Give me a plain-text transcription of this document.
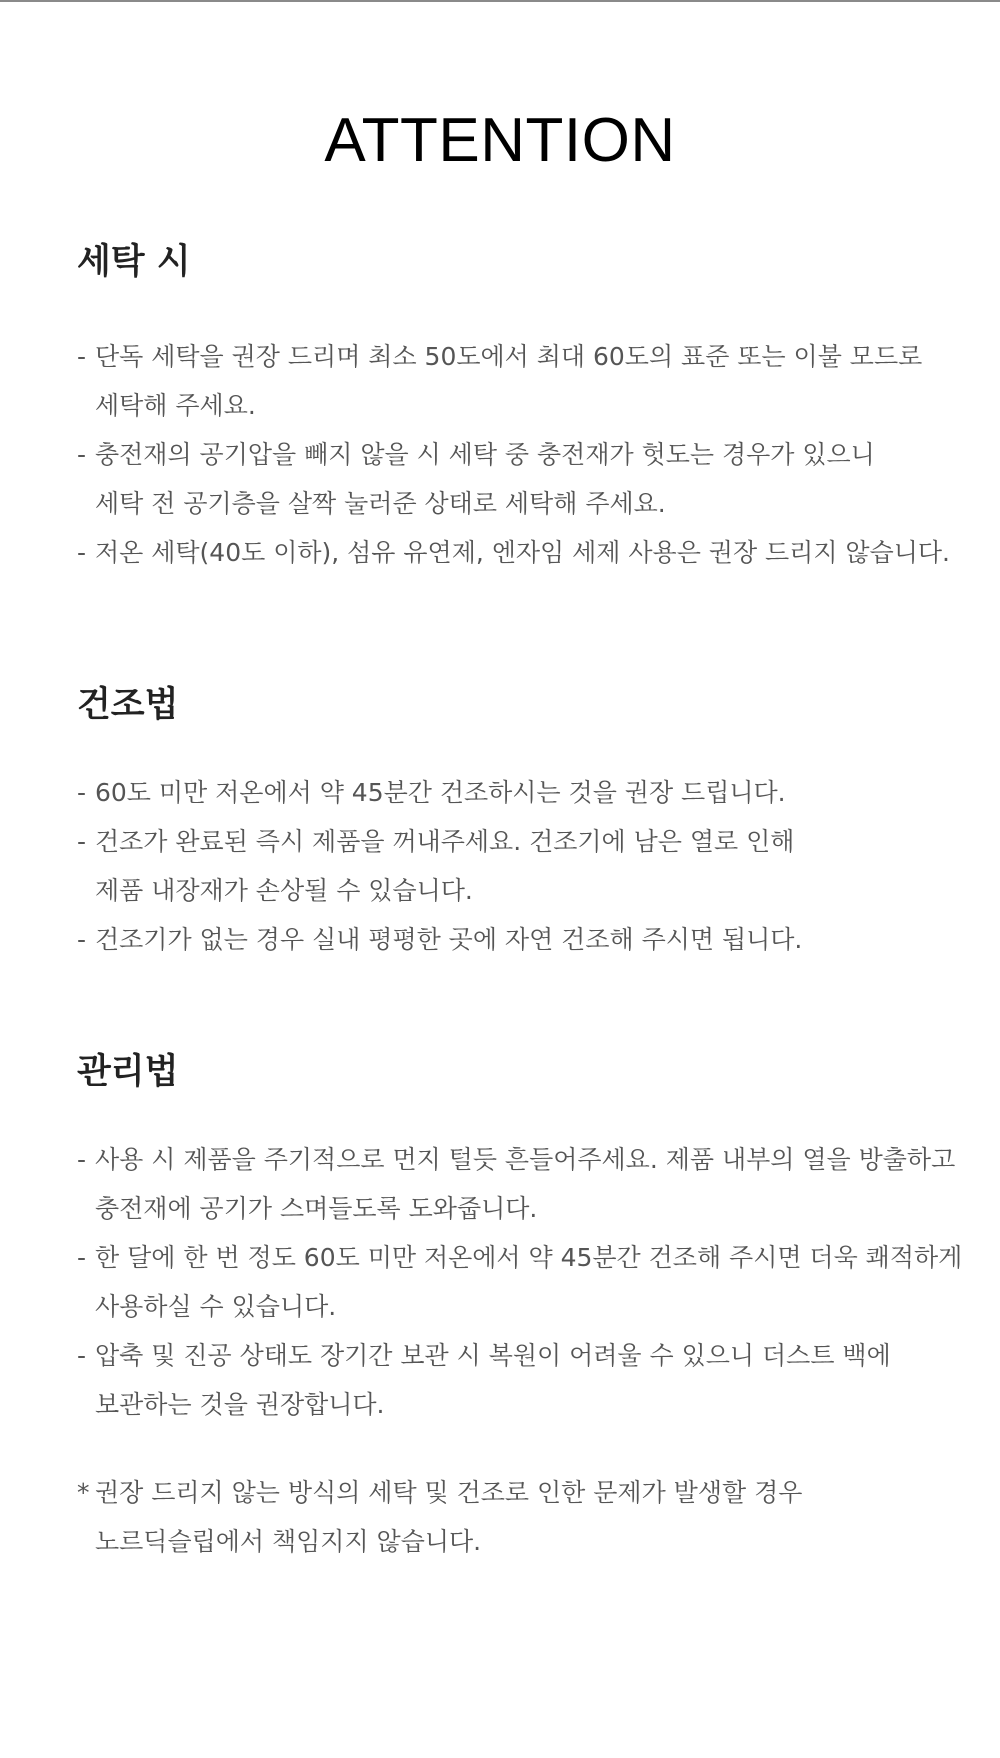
ATTENTION
세탁 시
- 단독 세탁을 권장 드리며 최소 50도에서 최대 60도의 표준 또는 이불 모드로
세탁해 주세요.
- 충전재의 공기압을 빼지 않을 시 세탁 중 충전재가 헛도는 경우가 있으니
세탁 전 공기층을 살짝 눌러준 상태로 세탁해 주세요.
- 저온 세탁(40도 이하), 섬유 유연제, 엔자임 세제 사용은 권장 드리지 않습니다.
건조법
- 60도 미만 저온에서 약 45분간 건조하시는 것을 권장 드립니다.
- 건조가 완료된 즉시 제품을 꺼내주세요. 건조기에 남은 열로 인해
제품 내장재가 손상될 수 있습니다.
- 건조기가 없는 경우 실내 평평한 곳에 자연 건조해 주시면 됩니다.
관리법
- 사용 시 제품을 주기적으로 먼지 털듯 흔들어주세요. 제품 내부의 열을 방출하고
충전재에 공기가 스며들도록 도와줍니다.
- 한 달에 한 번 정도 60도 미만 저온에서 약 45분간 건조해 주시면 더욱 쾌적하게
사용하실 수 있습니다.
- 압축 및 진공 상태도 장기간 보관 시 복원이 어려울 수 있으니 더스트 백에
보관하는 것을 권장합니다.
* 권장 드리지 않는 방식의 세탁 및 건조로 인한 문제가 발생할 경우
노르딕슬립에서 책임지지 않습니다.
